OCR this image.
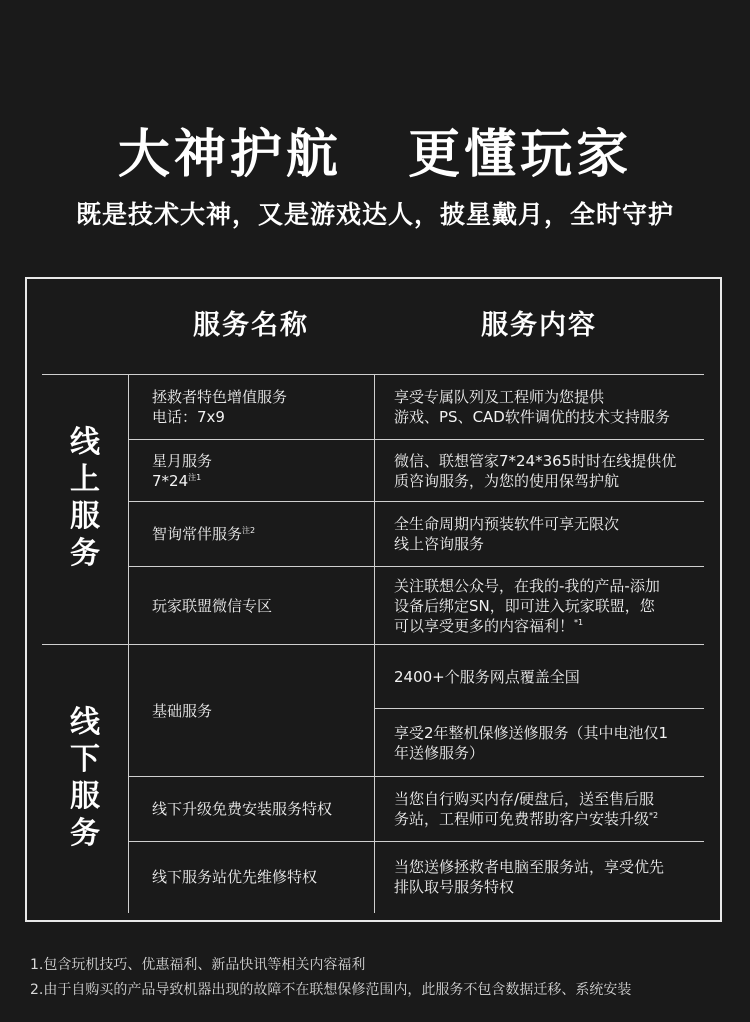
大神护航   更懂玩家
既是技术大神，又是游戏达人，披星戴月，全时守护
服务名称	服务内容
线
上
服
务
线
下
服
务
拯救者特色增值服务
电话：7x9
享受专属队列及工程师为您提供
游戏、PS、CAD软件调优的技术支持服务
星月服务
7*24$^{注1}$
微信、联想管家7*24*365时时在线提供优
质咨询服务，为您的使用保驾护航
智询常伴服务$^{注2}$	全生命周期内预装软件可享无限次
线上咨询服务
玩家联盟微信专区
关注联想公众号，在我的-我的产品-添加
设备后绑定SN，即可进入玩家联盟，您
可以享受更多的内容福利！$^{*1}$
基础服务
2400+个服务网点覆盖全国
享受2年整机保修送修服务（其中电池仅1
年送修服务）
线下升级免费安装服务特权
当您自行购买内存/硬盘后，送至售后服
务站，工程师可免费帮助客户安装升级$^{*2}$
线下服务站优先维修特权
当您送修拯救者电脑至服务站，享受优先
排队取号服务特权
1.包含玩机技巧、优惠福利、新品快讯等相关内容福利
2.由于自购买的产品导致机器出现的故障不在联想保修范围内，此服务不包含数据迁移、系统安装
